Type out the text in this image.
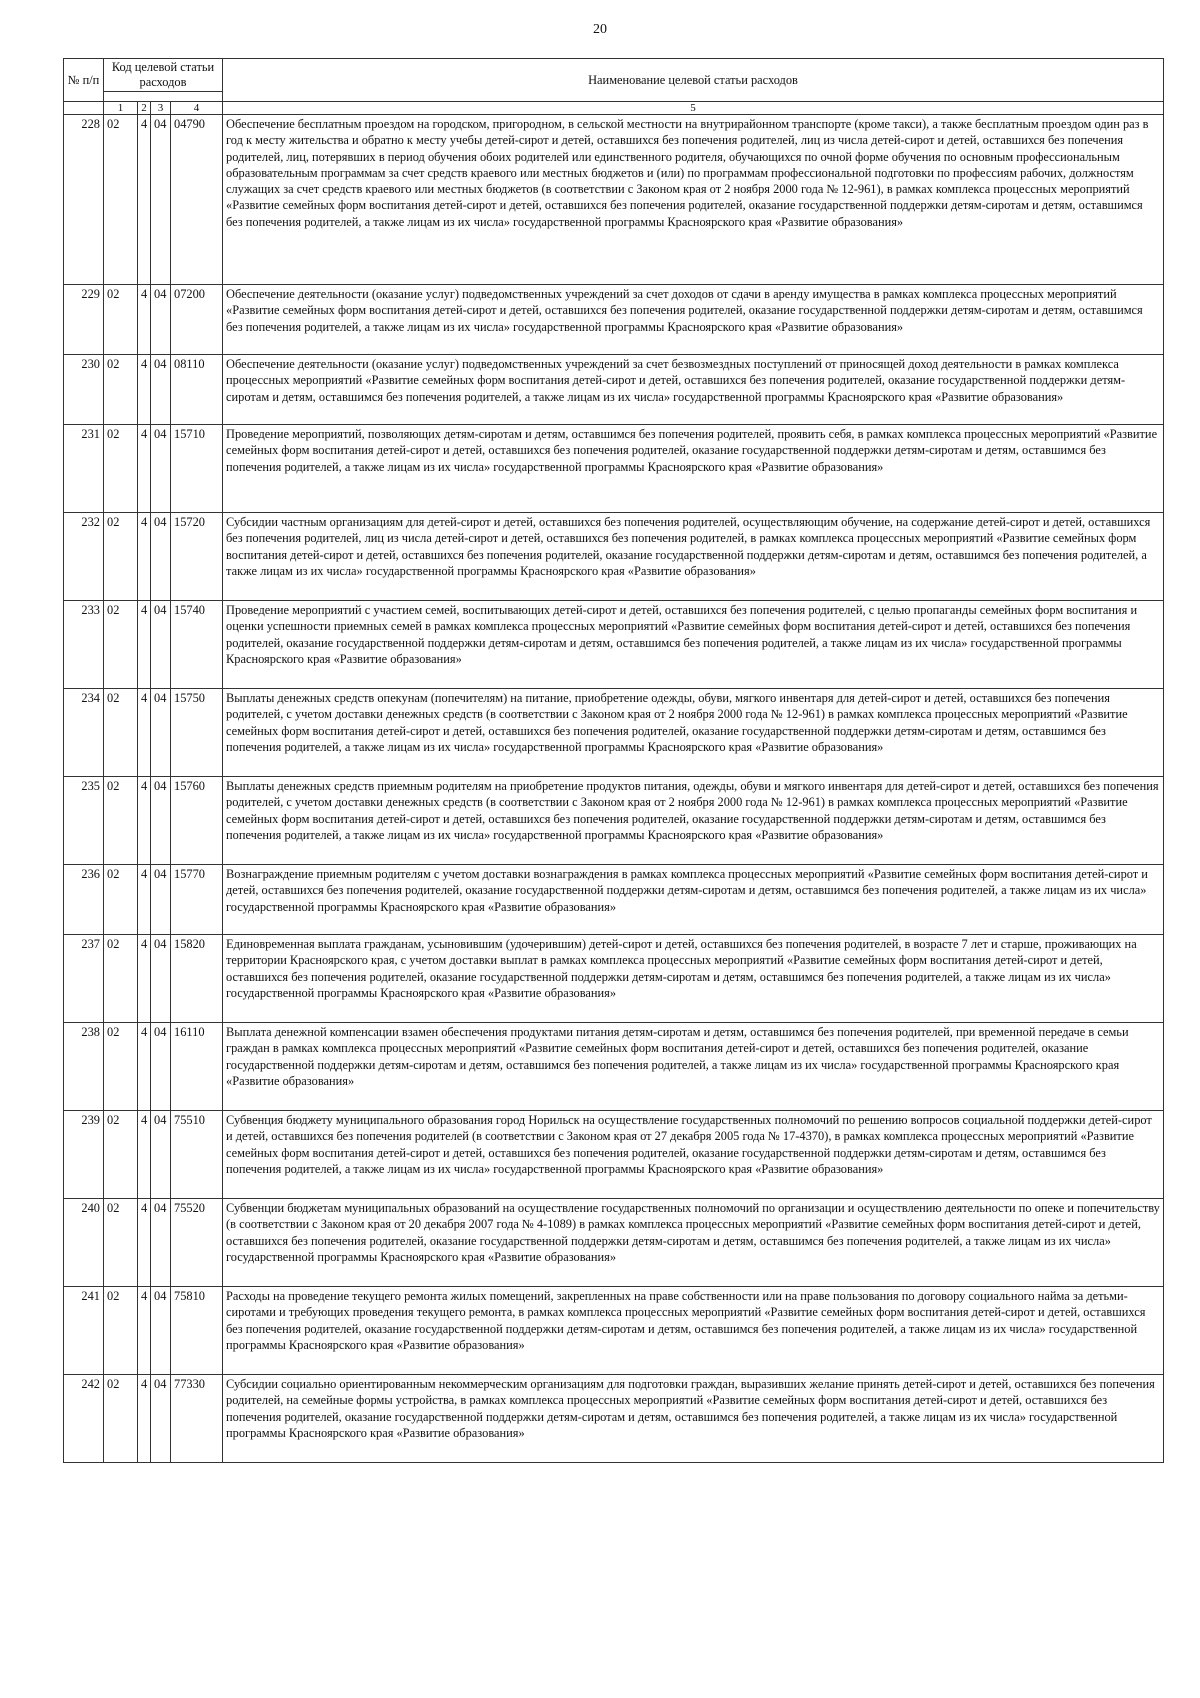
20
№ п/п	Код целевой статьи расходов				Наименование целевой статьи расходов

	1	2	3	4	5
228	02	4	04	04790	Обеспечение бесплатным проездом на городском, пригородном, в сельской местности на внутрирайонном транспорте (кроме такси), а также бесплатным проездом один раз в год к месту жительства и обратно к месту учебы детей-сирот и детей, оставшихся без попечения родителей, лиц из числа детей-сирот и детей, оставшихся без попечения родителей, лиц, потерявших в период обучения обоих родителей или единственного родителя, обучающихся по очной форме обучения по основным профессиональным образовательным программам за счет средств краевого или местных бюджетов и (или) по программам профессиональной подготовки по профессиям рабочих, должностям служащих за счет средств краевого или местных бюджетов (в соответствии с Законом края от 2 ноября 2000 года № 12-961), в рамках комплекса процессных мероприятий «Развитие семейных форм воспитания детей-сирот и детей, оставшихся без попечения родителей, оказание государственной поддержки детям-сиротам и детям, оставшимся без попечения родителей, а также лицам из их числа» государственной программы Красноярского края «Развитие образования»
229	02	4	04	07200	Обеспечение деятельности (оказание услуг) подведомственных учреждений за счет доходов от сдачи в аренду имущества в рамках комплекса процессных мероприятий «Развитие семейных форм воспитания детей-сирот и детей, оставшихся без попечения родителей, оказание государственной поддержки детям-сиротам и детям, оставшимся без попечения родителей, а также лицам из их числа» государственной программы Красноярского края «Развитие образования»
230	02	4	04	08110	Обеспечение деятельности (оказание услуг) подведомственных учреждений за счет безвозмездных поступлений от приносящей доход деятельности в рамках комплекса процессных мероприятий «Развитие семейных форм воспитания детей-сирот и детей, оставшихся без попечения родителей, оказание государственной поддержки детям-сиротам и детям, оставшимся без попечения родителей, а также лицам из их числа» государственной программы Красноярского края «Развитие образования»
231	02	4	04	15710	Проведение мероприятий, позволяющих детям-сиротам и детям, оставшимся без попечения родителей, проявить себя, в рамках комплекса процессных мероприятий «Развитие семейных форм воспитания детей-сирот и детей, оставшихся без попечения родителей, оказание государственной поддержки детям-сиротам и детям, оставшимся без попечения родителей, а также лицам из их числа» государственной программы Красноярского края «Развитие образования»
232	02	4	04	15720	Субсидии частным организациям для детей-сирот и детей, оставшихся без попечения родителей, осуществляющим обучение, на содержание детей-сирот и детей, оставшихся без попечения родителей, лиц из числа детей-сирот и детей, оставшихся без попечения родителей, в рамках комплекса процессных мероприятий «Развитие семейных форм воспитания детей-сирот и детей, оставшихся без попечения родителей, оказание государственной поддержки детям-сиротам и детям, оставшимся без попечения родителей, а также лицам из их числа» государственной программы Красноярского края «Развитие образования»
233	02	4	04	15740	Проведение мероприятий с участием семей, воспитывающих детей-сирот и детей, оставшихся без попечения родителей, с целью пропаганды семейных форм воспитания и оценки успешности приемных семей в рамках комплекса процессных мероприятий «Развитие семейных форм воспитания детей-сирот и детей, оставшихся без попечения родителей, оказание государственной поддержки детям-сиротам и детям, оставшимся без попечения родителей, а также лицам из их числа» государственной программы Красноярского края «Развитие образования»
234	02	4	04	15750	Выплаты денежных средств опекунам (попечителям) на питание, приобретение одежды, обуви, мягкого инвентаря для детей-сирот и детей, оставшихся без попечения родителей, с учетом доставки денежных средств (в соответствии с Законом края от 2 ноября 2000 года № 12-961) в рамках комплекса процессных мероприятий «Развитие семейных форм воспитания детей-сирот и детей, оставшихся без попечения родителей, оказание государственной поддержки детям-сиротам и детям, оставшимся без попечения родителей, а также лицам из их числа» государственной программы Красноярского края «Развитие образования»
235	02	4	04	15760	Выплаты денежных средств приемным родителям на приобретение продуктов питания, одежды, обуви и мягкого инвентаря для детей-сирот и детей, оставшихся без попечения родителей, с учетом доставки денежных средств (в соответствии с Законом края от 2 ноября 2000 года № 12-961) в рамках комплекса процессных мероприятий «Развитие семейных форм воспитания детей-сирот и детей, оставшихся без попечения родителей, оказание государственной поддержки детям-сиротам и детям, оставшимся без попечения родителей, а также лицам из их числа» государственной программы Красноярского края «Развитие образования»
236	02	4	04	15770	Вознаграждение приемным родителям с учетом доставки вознаграждения в рамках комплекса процессных мероприятий «Развитие семейных форм воспитания детей-сирот и детей, оставшихся без попечения родителей, оказание государственной поддержки детям-сиротам и детям, оставшимся без попечения родителей, а также лицам из их числа» государственной программы Красноярского края «Развитие образования»
237	02	4	04	15820	Единовременная выплата гражданам, усыновившим (удочерившим) детей-сирот и детей, оставшихся без попечения родителей, в возрасте 7 лет и старше, проживающих на территории Красноярского края, с учетом доставки выплат в рамках комплекса процессных мероприятий «Развитие семейных форм воспитания детей-сирот и детей, оставшихся без попечения родителей, оказание государственной поддержки детям-сиротам и детям, оставшимся без попечения родителей, а также лицам из их числа» государственной программы Красноярского края «Развитие образования»
238	02	4	04	16110	Выплата денежной компенсации взамен обеспечения продуктами питания детям-сиротам и детям, оставшимся без попечения родителей, при временной передаче в семьи граждан в рамках комплекса процессных мероприятий «Развитие семейных форм воспитания детей-сирот и детей, оставшихся без попечения родителей, оказание государственной поддержки детям-сиротам и детям, оставшимся без попечения родителей, а также лицам из их числа» государственной программы Красноярского края «Развитие образования»
239	02	4	04	75510	Субвенция бюджету муниципального образования город Норильск на осуществление государственных полномочий по решению вопросов социальной поддержки детей-сирот и детей, оставшихся без попечения родителей (в соответствии с Законом края от 27 декабря 2005 года № 17-4370), в рамках комплекса процессных мероприятий «Развитие семейных форм воспитания детей-сирот и детей, оставшихся без попечения родителей, оказание государственной поддержки детям-сиротам и детям, оставшимся без попечения родителей, а также лицам из их числа» государственной программы Красноярского края «Развитие образования»
240	02	4	04	75520	Субвенции бюджетам муниципальных образований на осуществление государственных полномочий по организации и осуществлению деятельности по опеке и попечительству (в соответствии с Законом края от 20 декабря 2007 года № 4-1089) в рамках комплекса процессных мероприятий «Развитие семейных форм воспитания детей-сирот и детей, оставшихся без попечения родителей, оказание государственной поддержки детям-сиротам и детям, оставшимся без попечения родителей, а также лицам из их числа» государственной программы Красноярского края «Развитие образования»
241	02	4	04	75810	Расходы на проведение текущего ремонта жилых помещений, закрепленных на праве собственности или на праве пользования по договору социального найма за детьми-сиротами и требующих проведения текущего ремонта, в рамках комплекса процессных мероприятий «Развитие семейных форм воспитания детей-сирот и детей, оставшихся без попечения родителей, оказание государственной поддержки детям-сиротам и детям, оставшимся без попечения родителей, а также лицам из их числа» государственной программы Красноярского края «Развитие образования»
242	02	4	04	77330	Субсидии социально ориентированным некоммерческим организациям для подготовки граждан, выразивших желание принять детей-сирот и детей, оставшихся без попечения родителей, на семейные формы устройства, в рамках комплекса процессных мероприятий «Развитие семейных форм воспитания детей-сирот и детей, оставшихся без попечения родителей, оказание государственной поддержки детям-сиротам и детям, оставшимся без попечения родителей, а также лицам из их числа» государственной программы Красноярского края «Развитие образования»
